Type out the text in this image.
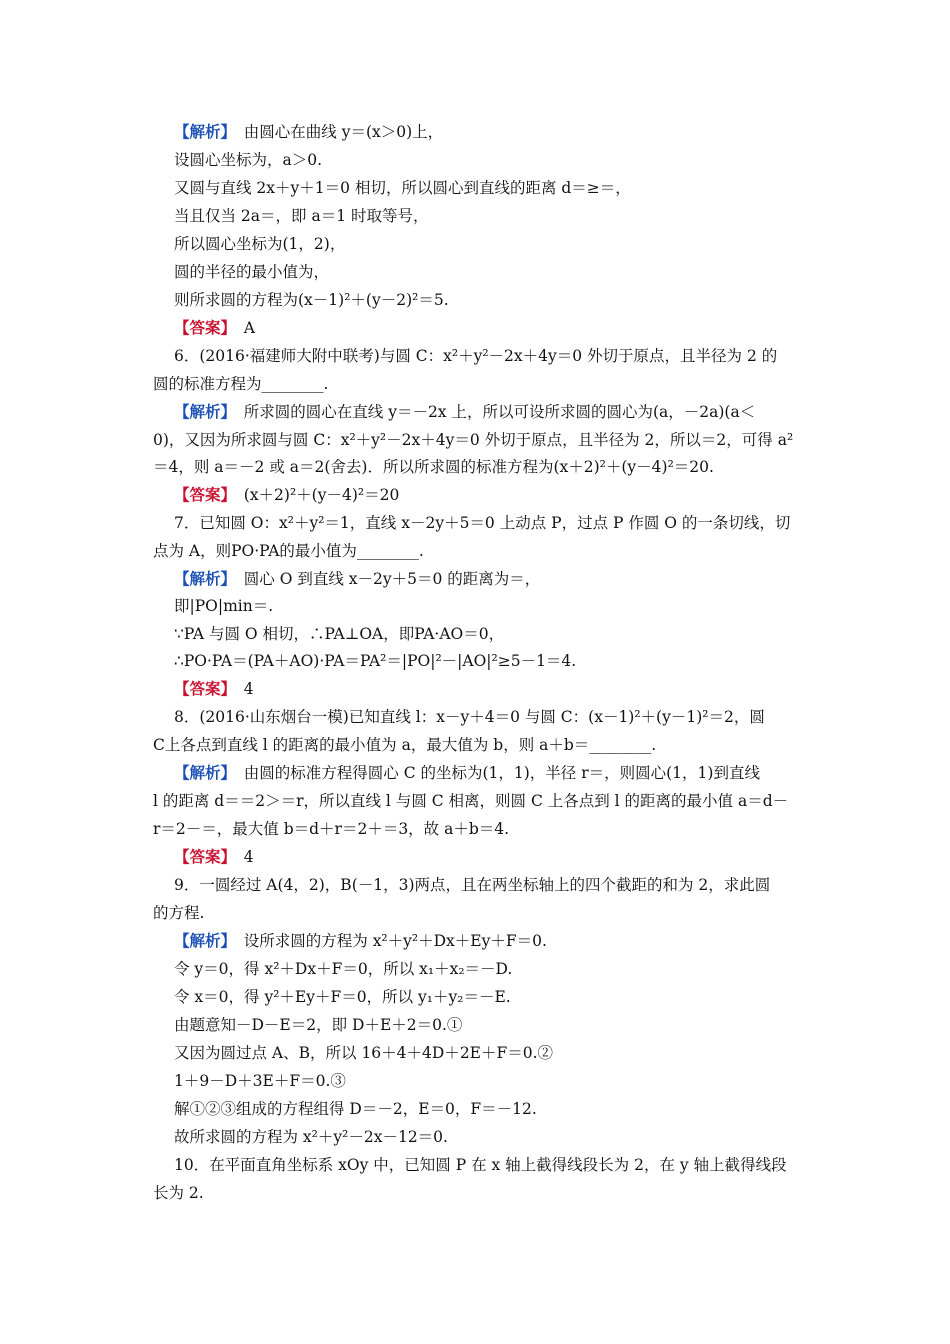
【解析】  由圆心在曲线 y＝(x＞0)上，
设圆心坐标为，a＞0.
又圆与直线 2x＋y＋1＝0 相切，所以圆心到直线的距离 d＝≥＝，
当且仅当 2a＝，即 a＝1 时取等号，
所以圆心坐标为(1，2)，
圆的半径的最小值为，
则所求圆的方程为(x－1)²＋(y－2)²＝5.
【答案】  A
6．(2016·福建师大附中联考)与圆 C：x²＋y²－2x＋4y＝0 外切于原点，且半径为 2 的
圆的标准方程为________.
【解析】  所求圆的圆心在直线 y＝－2x 上，所以可设所求圆的圆心为(a，－2a)(a＜
0)，又因为所求圆与圆 C：x²＋y²－2x＋4y＝0 外切于原点，且半径为 2，所以＝2，可得 a²
＝4，则 a＝－2 或 a＝2(舍去)．所以所求圆的标准方程为(x＋2)²＋(y－4)²＝20.
【答案】  (x＋2)²＋(y－4)²＝20
7．已知圆 O：x²＋y²＝1，直线 x－2y＋5＝0 上动点 P，过点 P 作圆 O 的一条切线，切
点为 A，则PO·PA的最小值为________.
【解析】  圆心 O 到直线 x－2y＋5＝0 的距离为＝，
即|PO|min＝.
∵PA 与圆 O 相切，∴PA⊥OA，即PA·AO＝0，
∴PO·PA＝(PA＋AO)·PA＝PA²＝|PO|²－|AO|²≥5－1＝4.
【答案】  4
8．(2016·山东烟台一模)已知直线 l：x－y＋4＝0 与圆 C：(x－1)²＋(y－1)²＝2，圆
C上各点到直线 l 的距离的最小值为 a，最大值为 b，则 a＋b＝________.
【解析】  由圆的标准方程得圆心 C 的坐标为(1，1)，半径 r＝，则圆心(1，1)到直线
l 的距离 d＝＝2＞＝r，所以直线 l 与圆 C 相离，则圆 C 上各点到 l 的距离的最小值 a＝d－
r＝2－＝，最大值 b＝d＋r＝2＋＝3，故 a＋b＝4.
【答案】  4
9．一圆经过 A(4，2)，B(－1，3)两点，且在两坐标轴上的四个截距的和为 2，求此圆
的方程.
【解析】  设所求圆的方程为 x²＋y²＋Dx＋Ey＋F＝0.
令 y＝0，得 x²＋Dx＋F＝0，所以 x₁＋x₂＝－D.
令 x＝0，得 y²＋Ey＋F＝0，所以 y₁＋y₂＝－E.
由题意知－D－E＝2，即 D＋E＋2＝0.①
又因为圆过点 A、B，所以 16＋4＋4D＋2E＋F＝0.②
1＋9－D＋3E＋F＝0.③
解①②③组成的方程组得 D＝－2，E＝0，F＝－12.
故所求圆的方程为 x²＋y²－2x－12＝0.
10．在平面直角坐标系 xOy 中，已知圆 P 在 x 轴上截得线段长为 2，在 y 轴上截得线段
长为 2.
